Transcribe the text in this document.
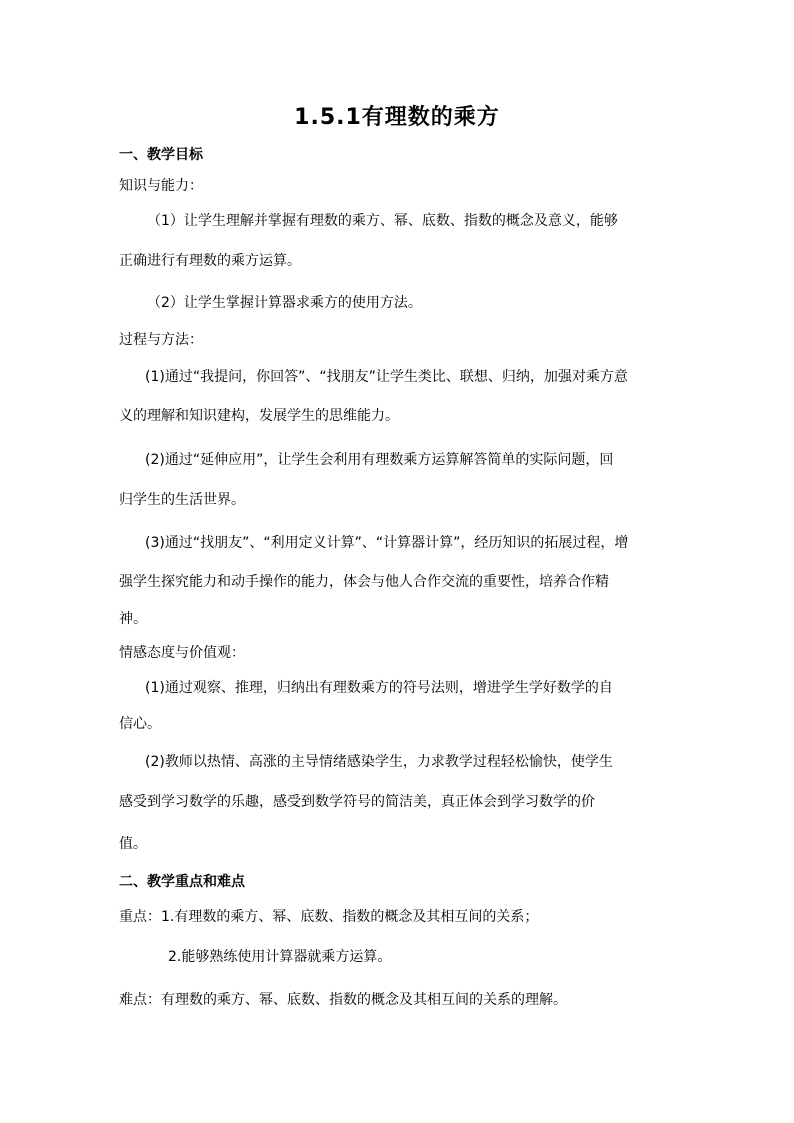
1.5.1有理数的乘方
一、教学目标
知识与能力：
（1）让学生理解并掌握有理数的乘方、幂、底数、指数的概念及意义，能够
正确进行有理数的乘方运算。
（2）让学生掌握计算器求乘方的使用方法。
过程与方法：
(1)通过“我提问，你回答”、“找朋友”让学生类比、联想、归纳，加强对乘方意
义的理解和知识建构，发展学生的思维能力。
(2)通过“延伸应用”，让学生会利用有理数乘方运算解答简单的实际问题，回
归学生的生活世界。
(3)通过“找朋友”、“利用定义计算”、“计算器计算”，经历知识的拓展过程，增
强学生探究能力和动手操作的能力，体会与他人合作交流的重要性，培养合作精
神。
情感态度与价值观：
(1)通过观察、推理，归纳出有理数乘方的符号法则，增进学生学好数学的自
信心。
(2)教师以热情、高涨的主导情绪感染学生，力求教学过程轻松愉快，使学生
感受到学习数学的乐趣，感受到数学符号的简洁美，真正体会到学习数学的价
值。
二、教学重点和难点
重点：1.有理数的乘方、幂、底数、指数的概念及其相互间的关系；
2.能够熟练使用计算器就乘方运算。
难点：有理数的乘方、幂、底数、指数的概念及其相互间的关系的理解。
